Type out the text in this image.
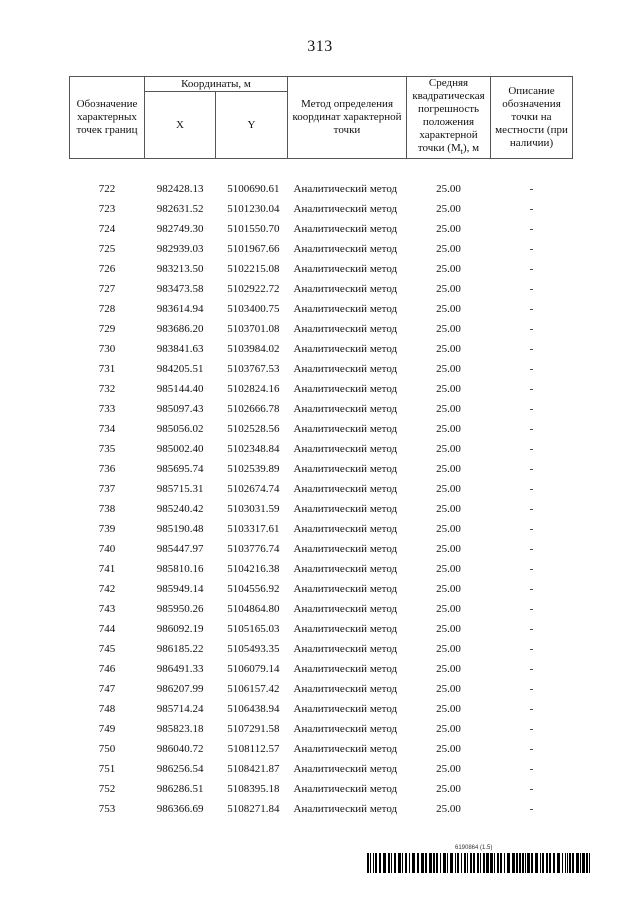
313
Обозначение характерных точек границ	Координаты, м		Метод определения координат характерной точки	Средняя квадратическая погрешность положения характерной точки $(M_t)$, м	Описание обозначения точки на местности (при наличии)
	X	Y			

722	982428.13	5100690.61	Аналитический метод	25.00	-
723	982631.52	5101230.04	Аналитический метод	25.00	-
724	982749.30	5101550.70	Аналитический метод	25.00	-
725	982939.03	5101967.66	Аналитический метод	25.00	-
726	983213.50	5102215.08	Аналитический метод	25.00	-
727	983473.58	5102922.72	Аналитический метод	25.00	-
728	983614.94	5103400.75	Аналитический метод	25.00	-
729	983686.20	5103701.08	Аналитический метод	25.00	-
730	983841.63	5103984.02	Аналитический метод	25.00	-
731	984205.51	5103767.53	Аналитический метод	25.00	-
732	985144.40	5102824.16	Аналитический метод	25.00	-
733	985097.43	5102666.78	Аналитический метод	25.00	-
734	985056.02	5102528.56	Аналитический метод	25.00	-
735	985002.40	5102348.84	Аналитический метод	25.00	-
736	985695.74	5102539.89	Аналитический метод	25.00	-
737	985715.31	5102674.74	Аналитический метод	25.00	-
738	985240.42	5103031.59	Аналитический метод	25.00	-
739	985190.48	5103317.61	Аналитический метод	25.00	-
740	985447.97	5103776.74	Аналитический метод	25.00	-
741	985810.16	5104216.38	Аналитический метод	25.00	-
742	985949.14	5104556.92	Аналитический метод	25.00	-
743	985950.26	5104864.80	Аналитический метод	25.00	-
744	986092.19	5105165.03	Аналитический метод	25.00	-
745	986185.22	5105493.35	Аналитический метод	25.00	-
746	986491.33	5106079.14	Аналитический метод	25.00	-
747	986207.99	5106157.42	Аналитический метод	25.00	-
748	985714.24	5106438.94	Аналитический метод	25.00	-
749	985823.18	5107291.58	Аналитический метод	25.00	-
750	986040.72	5108112.57	Аналитический метод	25.00	-
751	986256.54	5108421.87	Аналитический метод	25.00	-
752	986286.51	5108395.18	Аналитический метод	25.00	-
753	986366.69	5108271.84	Аналитический метод	25.00	-
6190864 (1.5)
